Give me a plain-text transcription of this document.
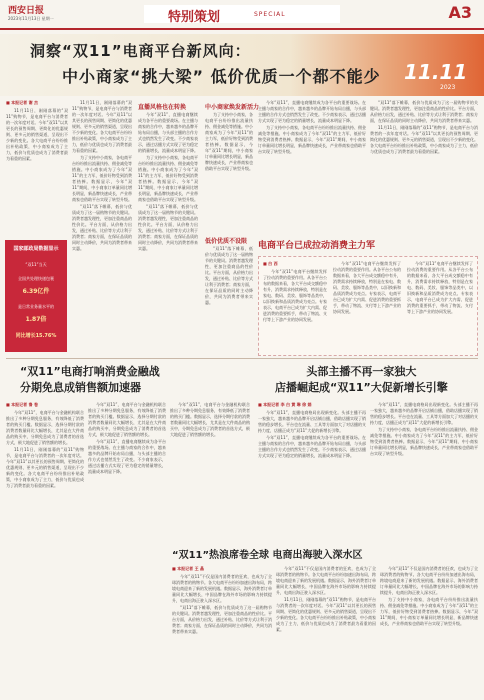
西安日报
2023年11月13日 星期一	特别策划	SPECIAL	A3
洞察“双11”电商平台新风向：
中小商家“挑大梁” 低价优质一个都不能少 11.11
2023
■ 本报记者 谢 杰

11月11日，刚刚落幕的“双11”购物节，是电商平台与消费者的一次年度对话。今年“双11”以其更长的预售周期、更简化的优惠规则、更多元的销售渠道，呈现出不少新的变化。各大电商平台纷纷推出补贴政策，中小商家成为了主力，低价与优质也成为了消费者最为看重的因素。

11月11日，刚刚落幕的“双11”购物节，是电商平台与消费者的一次年度对话。今年“双11”以其更长的预售周期、更简化的优惠规则、更多元的销售渠道，呈现出不少新的变化。各大电商平台纷纷推出补贴政策，中小商家成为了主力，低价与优质也成为了消费者最为看重的因素。

为了支持中小商家，各电商平台纷纷推出流量扶持、佣金减免等措施。中小商家成为了今年“双11”的主力军，低价好物受到消费者热捧。数据显示，今年“双11”期间，中小商家订单量同比增长明显，新品牌快速成长，产业带商家也借助平台实现了转型升级。

“双11”落下帷幕，低价与优质成为了这一届购物节的关键词。消费者越发理性，更加注重商品的性价比。平台方面，从价格力出发，通过补贴、比价等方式让利于消费者；商家方面，在保证品质的同时主动降价，共同为消费者带来实惠。

直播风格也在转换

今年“双11”，直播电商继续成为各平台的重要战场。在主播与商家的合作中，越来越多的品牌开始布局自播，与头部主播的合作方式也悄然发生了改变。不少商家表示，通过店播方式实现了更为稳定的销量增长，流量成本明显下降。

为了支持中小商家，各电商平台纷纷推出流量扶持、佣金减免等措施。中小商家成为了今年“双11”的主力军，低价好物受到消费者热捧。数据显示，今年“双11”期间，中小商家订单量同比增长明显，新品牌快速成长，产业带商家也借助平台实现了转型升级。

“双11”落下帷幕，低价与优质成为了这一届购物节的关键词。消费者越发理性，更加注重商品的性价比。平台方面，从价格力出发，通过补贴、比价等方式让利于消费者；商家方面，在保证品质的同时主动降价，共同为消费者带来实惠。

中小商家焕发新活力

为了支持中小商家，各电商平台纷纷推出流量扶持、佣金减免等措施。中小商家成为了今年“双11”的主力军，低价好物受到消费者热捧。数据显示，今年“双11”期间，中小商家订单量同比增长明显，新品牌快速成长，产业带商家也借助平台实现了转型升级。

低价优质不设限

“双11”落下帷幕，低价与优质成为了这一届购物节的关键词。消费者越发理性，更加注重商品的性价比。平台方面，从价格力出发，通过补贴、比价等方式让利于消费者；商家方面，在保证品质的同时主动降价，共同为消费者带来实惠。

今年“双11”，直播电商继续成为各平台的重要战场。在主播与商家的合作中，越来越多的品牌开始布局自播，与头部主播的合作方式也悄然发生了改变。不少商家表示，通过店播方式实现了更为稳定的销量增长，流量成本明显下降。

为了支持中小商家，各电商平台纷纷推出流量扶持、佣金减免等措施。中小商家成为了今年“双11”的主力军，低价好物受到消费者热捧。数据显示，今年“双11”期间，中小商家订单量同比增长明显，新品牌快速成长，产业带商家也借助平台实现了转型升级。

“双11”落下帷幕，低价与优质成为了这一届购物节的关键词。消费者越发理性，更加注重商品的性价比。平台方面，从价格力出发，通过补贴、比价等方式让利于消费者；商家方面，在保证品质的同时主动降价，共同为消费者带来实惠。

11月11日，刚刚落幕的“双11”购物节，是电商平台与消费者的一次年度对话。今年“双11”以其更长的预售周期、更简化的优惠规则、更多元的销售渠道，呈现出不少新的变化。各大电商平台纷纷推出补贴政策，中小商家成为了主力，低价与优质也成为了消费者最为看重的因素。

国家邮政局数据显示
“双11”当天
全国共处理快递包裹
6.39亿件
是日常业务量水平的
1.87倍
同比增长15.76%
电商平台已成拉动消费主力军
■ 白 西

今年“双11”电商平台继续发挥了拉动消费的重要作用。从各平台公布的数据来看，各大平台成交额稳中有升，消费需求持续释放，特别是在家电、数码、美妆、服饰等品类中，以旧换新和品质消费成为亮点。专家表示，电商平台已成为扩大内需、促进消费的重要抓手，带动了物流、支付等上下游产业的协同发展。

今年“双11”电商平台继续发挥了拉动消费的重要作用。从各平台公布的数据来看，各大平台成交额稳中有升，消费需求持续释放，特别是在家电、数码、美妆、服饰等品类中，以旧换新和品质消费成为亮点。专家表示，电商平台已成为扩大内需、促进消费的重要抓手，带动了物流、支付等上下游产业的协同发展。

今年“双11”电商平台继续发挥了拉动消费的重要作用。从各平台公布的数据来看，各大平台成交额稳中有升，消费需求持续释放，特别是在家电、数码、美妆、服饰等品类中，以旧换新和品质消费成为亮点。专家表示，电商平台已成为扩大内需、促进消费的重要抓手，带动了物流、支付等上下游产业的协同发展。

“双11”电商打响消费金融战
分期免息成销售额加速器
■ 本报记者 鲁 卷

今年“双11”，电商平台与金融机构联合推出了多种分期免息服务，有效降低了消费者的购买门槛。数据显示，选择分期付款的消费者数量同比大幅增长，尤其是在大件商品的购买中，分期免息成为了消费者的首选方式，极大地促进了销售额的增长。

11月11日，刚刚落幕的“双11”购物节，是电商平台与消费者的一次年度对话。今年“双11”以其更长的预售周期、更简化的优惠规则、更多元的销售渠道，呈现出不少新的变化。各大电商平台纷纷推出补贴政策，中小商家成为了主力，低价与优质也成为了消费者最为看重的因素。

今年“双11”，电商平台与金融机构联合推出了多种分期免息服务，有效降低了消费者的购买门槛。数据显示，选择分期付款的消费者数量同比大幅增长，尤其是在大件商品的购买中，分期免息成为了消费者的首选方式，极大地促进了销售额的增长。

今年“双11”，直播电商继续成为各平台的重要战场。在主播与商家的合作中，越来越多的品牌开始布局自播，与头部主播的合作方式也悄然发生了改变。不少商家表示，通过店播方式实现了更为稳定的销量增长，流量成本明显下降。

今年“双11”，电商平台与金融机构联合推出了多种分期免息服务，有效降低了消费者的购买门槛。数据显示，选择分期付款的消费者数量同比大幅增长，尤其是在大件商品的购买中，分期免息成为了消费者的首选方式，极大地促进了销售额的增长。

头部主播不再一家独大
店播崛起成“双11”大促新增长引擎
■ 本报记者 李 白 黄 琳 徐 娟

今年“双11”，直播电商格局出现新变化。头部主播不再一家独大，越来越多的品牌开启店铺自播，借助店播实现了销售的稳步增长。平台也在流量、工具等方面加大了对店播的支持力度，店播正成为“双11”大促的新增长引擎。

今年“双11”，直播电商继续成为各平台的重要战场。在主播与商家的合作中，越来越多的品牌开始布局自播，与头部主播的合作方式也悄然发生了改变。不少商家表示，通过店播方式实现了更为稳定的销量增长，流量成本明显下降。

今年“双11”，直播电商格局出现新变化。头部主播不再一家独大，越来越多的品牌开启店铺自播，借助店播实现了销售的稳步增长。平台也在流量、工具等方面加大了对店播的支持力度，店播正成为“双11”大促的新增长引擎。

为了支持中小商家，各电商平台纷纷推出流量扶持、佣金减免等措施。中小商家成为了今年“双11”的主力军，低价好物受到消费者热捧。数据显示，今年“双11”期间，中小商家订单量同比增长明显，新品牌快速成长，产业带商家也借助平台实现了转型升级。

“双11”热浪席卷全球 电商出海驶入深水区
■ 本报记者 王 晶

今年“双11”不仅是国内消费者的狂欢，也成为了全球消费者的购物节。各大电商平台纷纷加速出海布局，跨境电商迎来了新的发展机遇。数据显示，海外消费者订单量同比大幅增长，中国品牌在海外市场的影响力持续提升，电商出海正驶入深水区。

“双11”落下帷幕，低价与优质成为了这一届购物节的关键词。消费者越发理性，更加注重商品的性价比。平台方面，从价格力出发，通过补贴、比价等方式让利于消费者；商家方面，在保证品质的同时主动降价，共同为消费者带来实惠。

今年“双11”不仅是国内消费者的狂欢，也成为了全球消费者的购物节。各大电商平台纷纷加速出海布局，跨境电商迎来了新的发展机遇。数据显示，海外消费者订单量同比大幅增长，中国品牌在海外市场的影响力持续提升，电商出海正驶入深水区。

11月11日，刚刚落幕的“双11”购物节，是电商平台与消费者的一次年度对话。今年“双11”以其更长的预售周期、更简化的优惠规则、更多元的销售渠道，呈现出不少新的变化。各大电商平台纷纷推出补贴政策，中小商家成为了主力，低价与优质也成为了消费者最为看重的因素。

今年“双11”不仅是国内消费者的狂欢，也成为了全球消费者的购物节。各大电商平台纷纷加速出海布局，跨境电商迎来了新的发展机遇。数据显示，海外消费者订单量同比大幅增长，中国品牌在海外市场的影响力持续提升，电商出海正驶入深水区。

为了支持中小商家，各电商平台纷纷推出流量扶持、佣金减免等措施。中小商家成为了今年“双11”的主力军，低价好物受到消费者热捧。数据显示，今年“双11”期间，中小商家订单量同比增长明显，新品牌快速成长，产业带商家也借助平台实现了转型升级。
